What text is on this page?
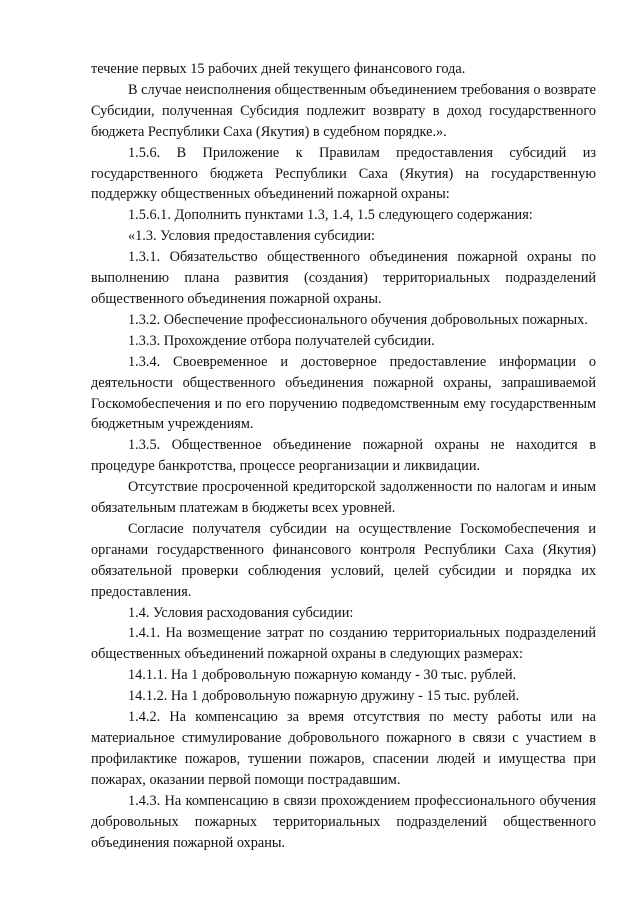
течение первых 15 рабочих дней текущего финансового года.

В случае неисполнения общественным объединением требования о возврате Субсидии, полученная Субсидия подлежит возврату в доход государственного бюджета Республики Саха (Якутия) в судебном порядке.».

1.5.6. В Приложение к Правилам предоставления субсидий из государственного бюджета Республики Саха (Якутия) на государственную поддержку общественных объединений пожарной охраны:

1.5.6.1. Дополнить пунктами 1.3, 1.4, 1.5 следующего содержания:

«1.3. Условия предоставления субсидии:

1.3.1. Обязательство общественного объединения пожарной охраны по выполнению плана развития (создания) территориальных подразделений общественного объединения пожарной охраны.

1.3.2. Обеспечение профессионального обучения добровольных пожарных.

1.3.3. Прохождение отбора получателей субсидии.

1.3.4. Своевременное и достоверное предоставление информации о деятельности общественного объединения пожарной охраны, запрашиваемой Госкомобеспечения и по его поручению подведомственным ему государственным бюджетным учреждениям.

1.3.5. Общественное объединение пожарной охраны не находится в процедуре банкротства, процессе реорганизации и ликвидации.

Отсутствие просроченной кредиторской задолженности по налогам и иным обязательным платежам в бюджеты всех уровней.

Согласие получателя субсидии на осуществление Госкомобеспечения и органами государственного финансового контроля Республики Саха (Якутия) обязательной проверки соблюдения условий, целей субсидии и порядка их предоставления.

1.4. Условия расходования субсидии:

1.4.1. На возмещение затрат по созданию территориальных подразделений общественных объединений пожарной охраны в следующих размерах:

14.1.1. На 1 добровольную пожарную команду - 30 тыс. рублей.

14.1.2. На 1 добровольную пожарную дружину - 15 тыс. рублей.

1.4.2. На компенсацию за время отсутствия по месту работы или на материальное стимулирование добровольного пожарного в связи с участием в профилактике пожаров, тушении пожаров, спасении людей и имущества при пожарах, оказании первой помощи пострадавшим.

1.4.3. На компенсацию в связи прохождением профессионального обучения добровольных пожарных территориальных подразделений общественного объединения пожарной охраны.
